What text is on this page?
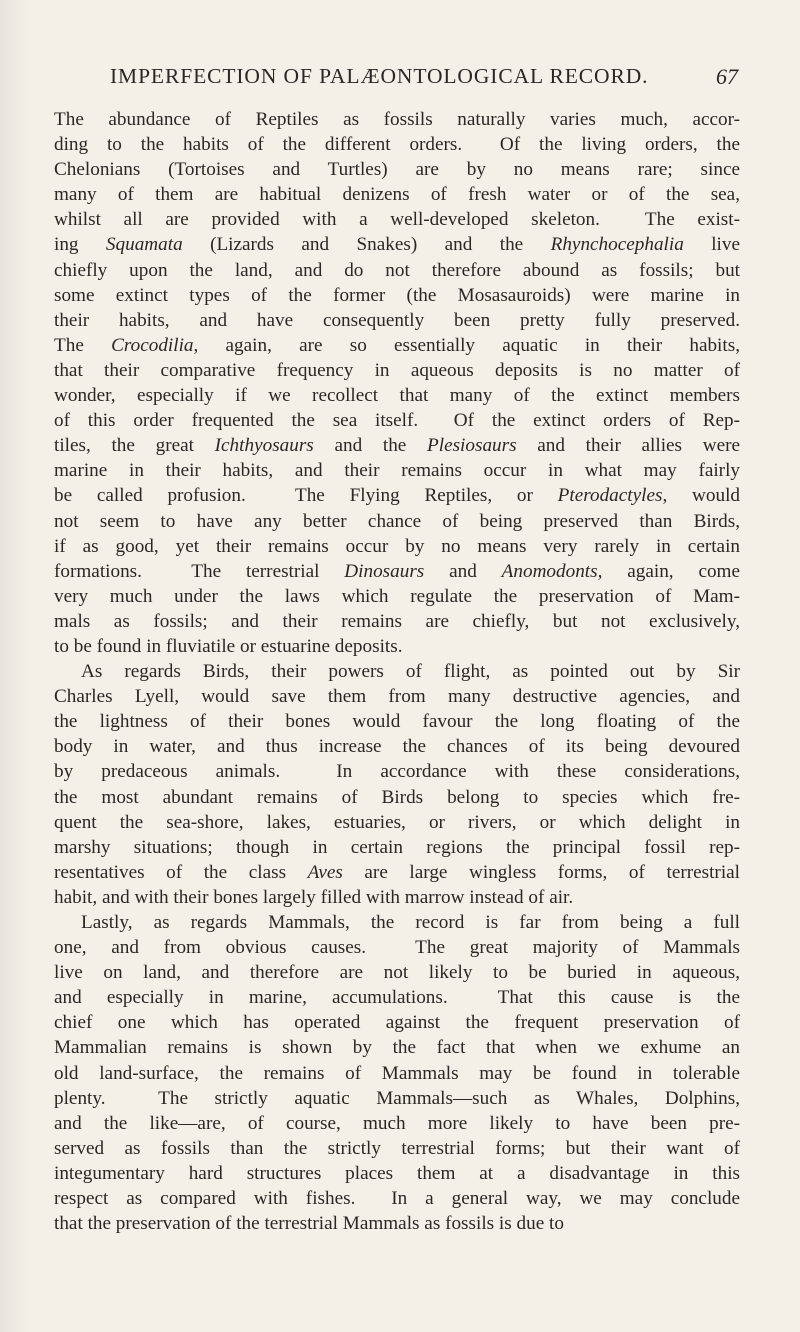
IMPERFECTION OF PALÆONTOLOGICAL RECORD.	67
The abundance of Reptiles as fossils naturally varies much, accor-
ding to the habits of the different orders.  Of the living orders, the
Chelonians (Tortoises and Turtles) are by no means rare; since
many of them are habitual denizens of fresh water or of the sea,
whilst all are provided with a well-developed skeleton.  The exist-
ing Squamata (Lizards and Snakes) and the Rhynchocephalia live
chiefly upon the land, and do not therefore abound as fossils; but
some extinct types of the former (the Mosasauroids) were marine in
their habits, and have consequently been pretty fully preserved.
The Crocodilia, again, are so essentially aquatic in their habits,
that their comparative frequency in aqueous deposits is no matter of
wonder, especially if we recollect that many of the extinct members
of this order frequented the sea itself.  Of the extinct orders of Rep-
tiles, the great Ichthyosaurs and the Plesiosaurs and their allies were
marine in their habits, and their remains occur in what may fairly
be called profusion.  The Flying Reptiles, or Pterodactyles, would
not seem to have any better chance of being preserved than Birds,
if as good, yet their remains occur by no means very rarely in certain
formations.  The terrestrial Dinosaurs and Anomodonts, again, come
very much under the laws which regulate the preservation of Mam-
mals as fossils; and their remains are chiefly, but not exclusively,
to be found in fluviatile or estuarine deposits.
As regards Birds, their powers of flight, as pointed out by Sir
Charles Lyell, would save them from many destructive agencies, and
the lightness of their bones would favour the long floating of the
body in water, and thus increase the chances of its being devoured
by predaceous animals.  In accordance with these considerations,
the most abundant remains of Birds belong to species which fre-
quent the sea-shore, lakes, estuaries, or rivers, or which delight in
marshy situations; though in certain regions the principal fossil rep-
resentatives of the class Aves are large wingless forms, of terrestrial
habit, and with their bones largely filled with marrow instead of air.
Lastly, as regards Mammals, the record is far from being a full
one, and from obvious causes.  The great majority of Mammals
live on land, and therefore are not likely to be buried in aqueous,
and especially in marine, accumulations.  That this cause is the
chief one which has operated against the frequent preservation of
Mammalian remains is shown by the fact that when we exhume an
old land-surface, the remains of Mammals may be found in tolerable
plenty.  The strictly aquatic Mammals—such as Whales, Dolphins,
and the like—are, of course, much more likely to have been pre-
served as fossils than the strictly terrestrial forms; but their want of
integumentary hard structures places them at a disadvantage in this
respect as compared with fishes.  In a general way, we may conclude
that the preservation of the terrestrial Mammals as fossils is due to
